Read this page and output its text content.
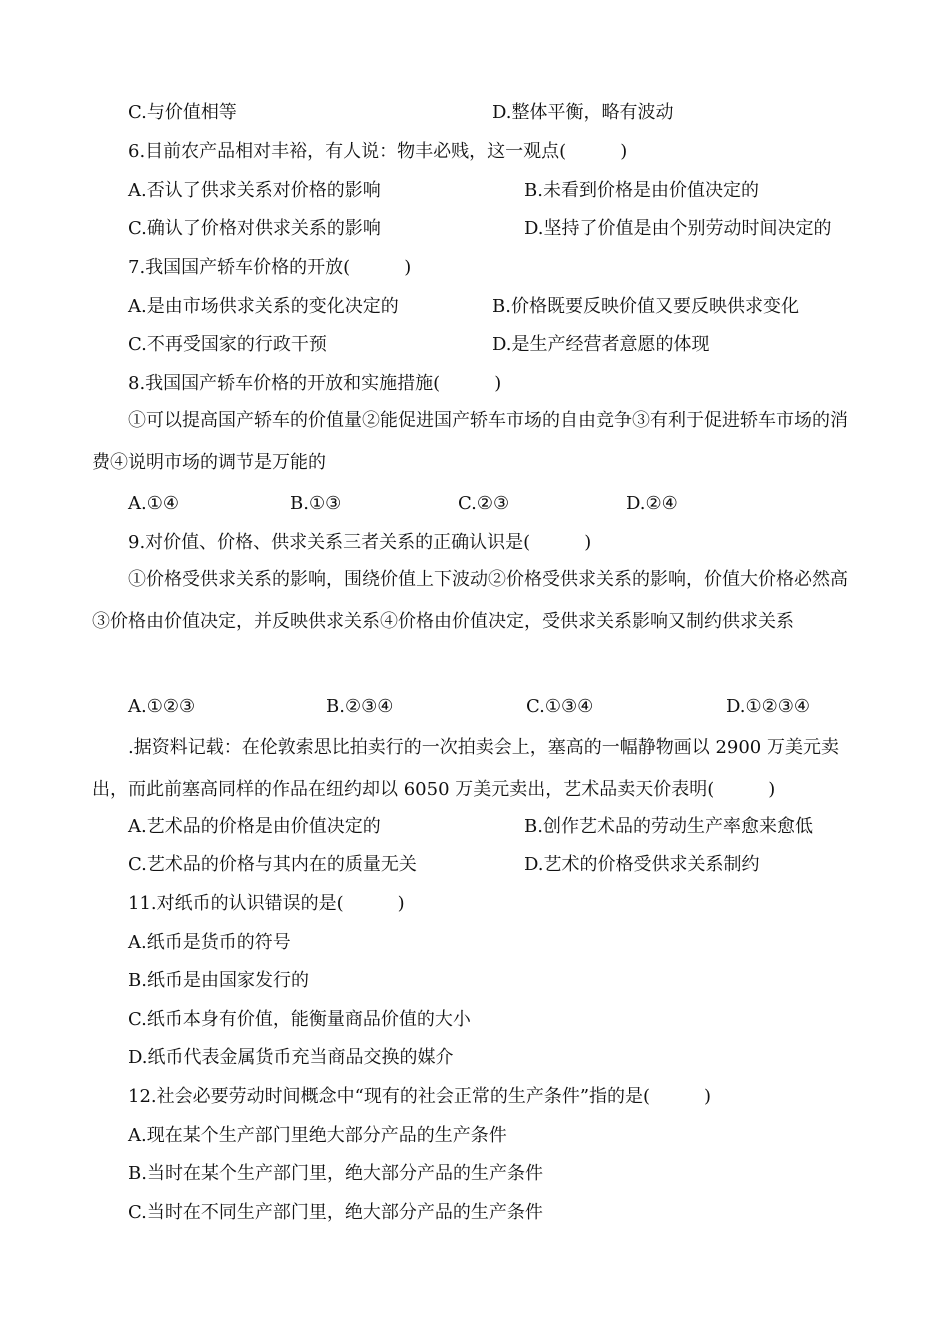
C.与价值相等	D.整体平衡，略有波动
6.目前农产品相对丰裕，有人说：物丰必贱，这一观点(　　　)
A.否认了供求关系对价格的影响	B.未看到价格是由价值决定的
C.确认了价格对供求关系的影响	D.坚持了价值是由个别劳动时间决定的
7.我国国产轿车价格的开放(　　　)
A.是由市场供求关系的变化决定的	B.价格既要反映价值又要反映供求变化
C.不再受国家的行政干预	D.是生产经营者意愿的体现
8.我国国产轿车价格的开放和实施措施(　　　)
①可以提高国产轿车的价值量②能促进国产轿车市场的自由竞争③有利于促进轿车市场的消费④说明市场的调节是万能的
A.①④	B.①③	C.②③	D.②④
9.对价值、价格、供求关系三者关系的正确认识是(　　　)
①价格受供求关系的影响，围绕价值上下波动②价格受供求关系的影响，价值大价格必然高③价格由价值决定，并反映供求关系④价格由价值决定，受供求关系影响又制约供求关系
A.①②③	B.②③④	C.①③④	D.①②③④
.据资料记载：在伦敦索思比拍卖行的一次拍卖会上，塞高的一幅静物画以 2900 万美元卖出，而此前塞高同样的作品在纽约却以 6050 万美元卖出，艺术品卖天价表明(　　　)
A.艺术品的价格是由价值决定的	B.创作艺术品的劳动生产率愈来愈低
C.艺术品的价格与其内在的质量无关	D.艺术的价格受供求关系制约
11.对纸币的认识错误的是(　　　)
A.纸币是货币的符号
B.纸币是由国家发行的
C.纸币本身有价值，能衡量商品价值的大小
D.纸币代表金属货币充当商品交换的媒介
12.社会必要劳动时间概念中“现有的社会正常的生产条件”指的是(　　　)
A.现在某个生产部门里绝大部分产品的生产条件
B.当时在某个生产部门里，绝大部分产品的生产条件
C.当时在不同生产部门里，绝大部分产品的生产条件
